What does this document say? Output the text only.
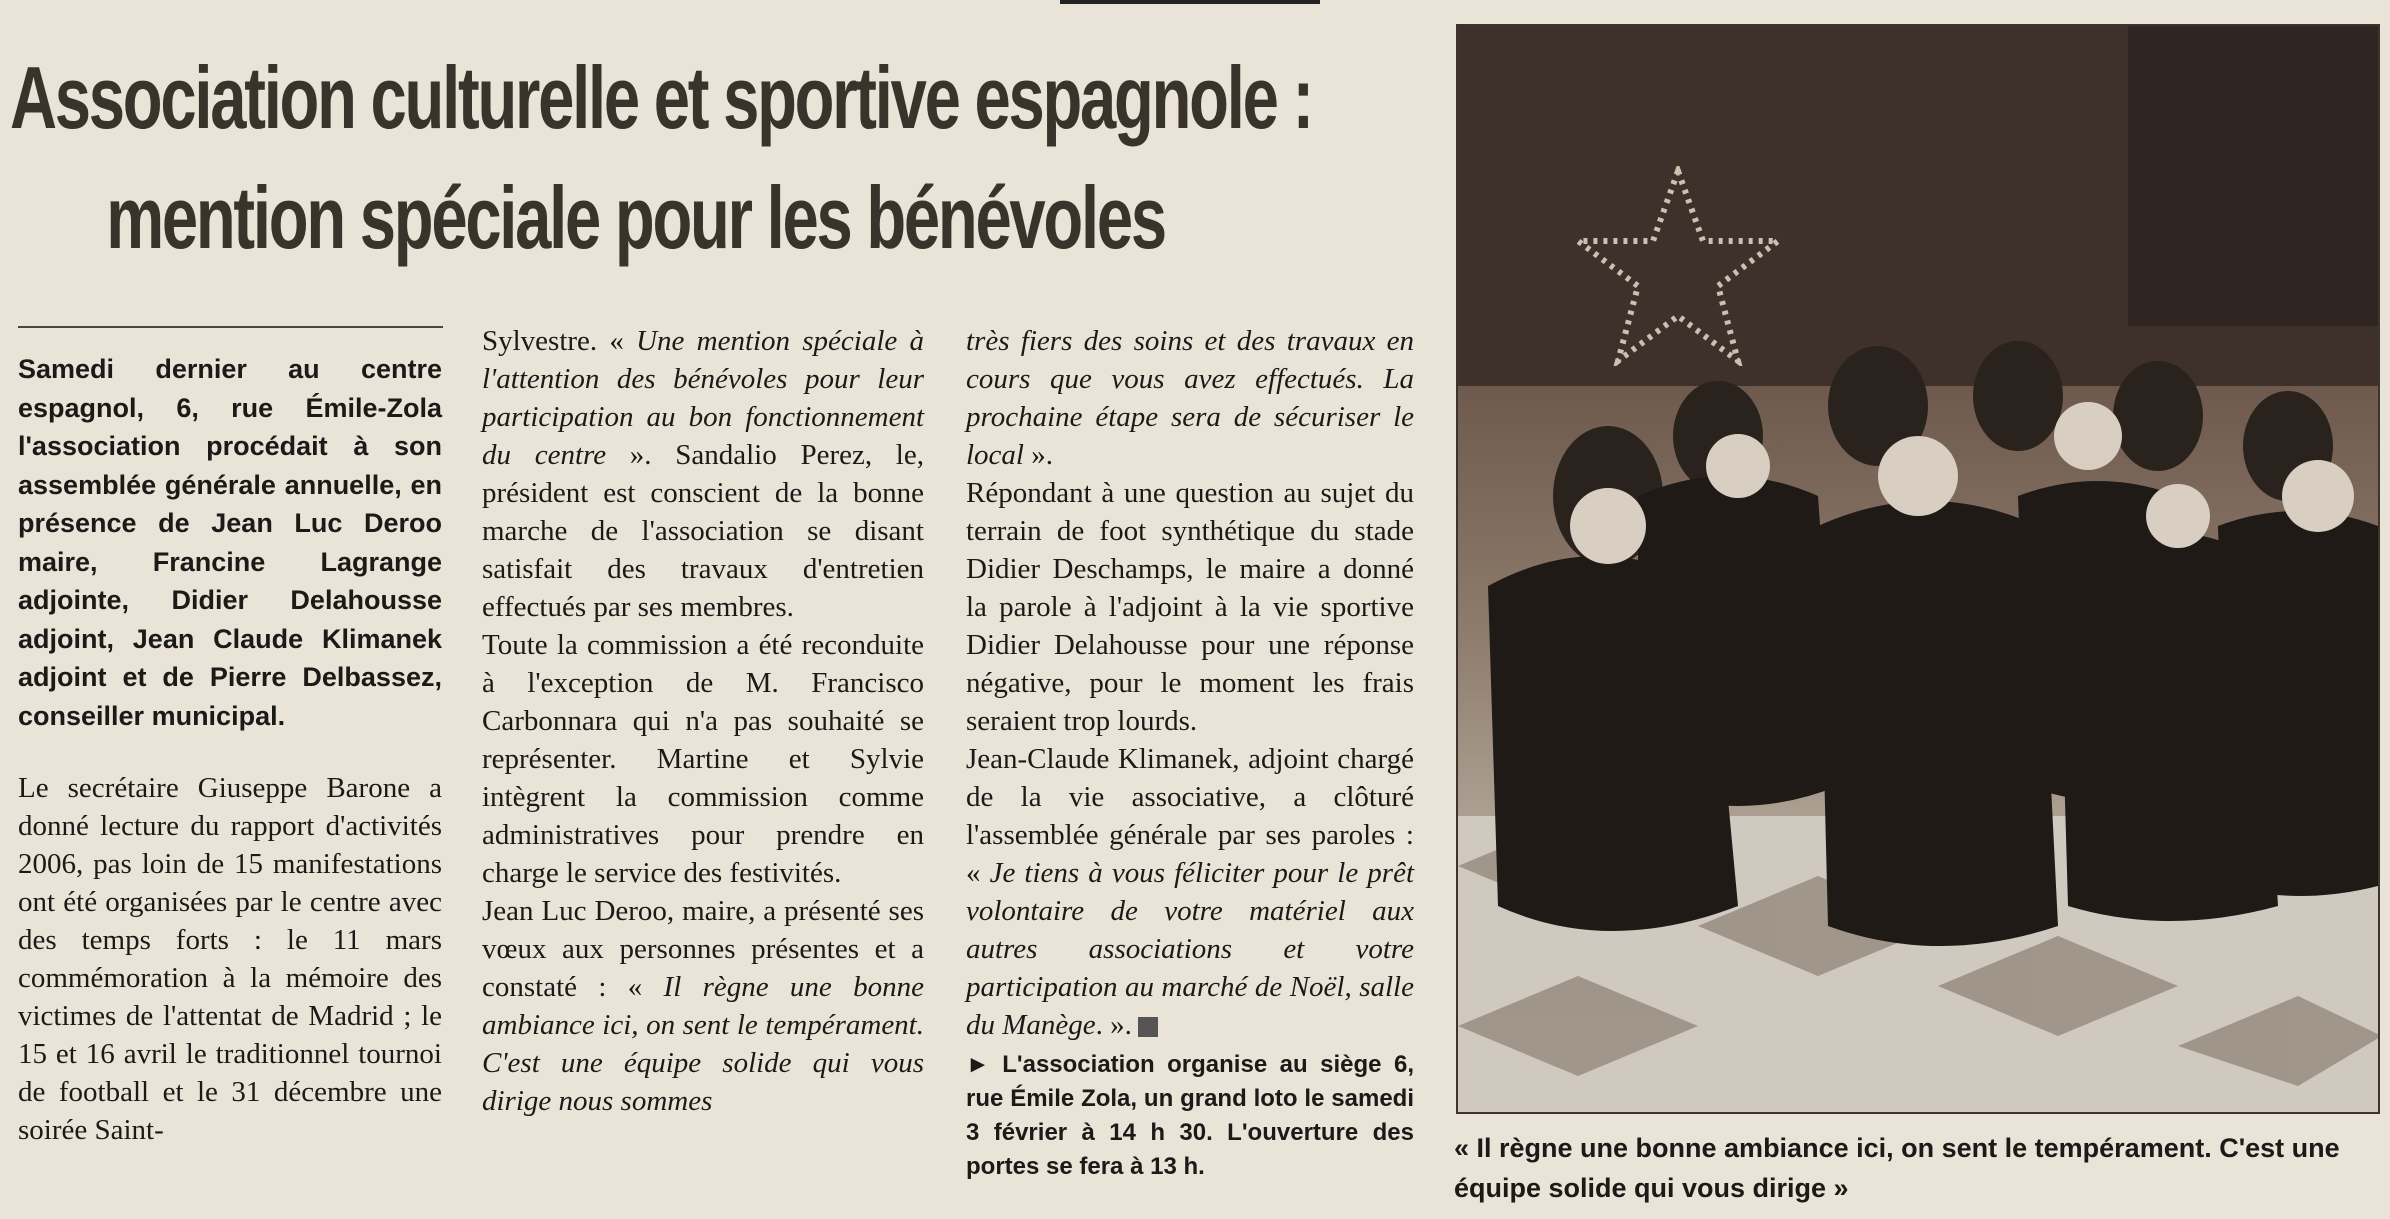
Association culturelle et sportive espagnole :
mention spéciale pour les bénévoles

Samedi dernier au centre espagnol, 6, rue Émile-Zola l'association procédait à son assemblée générale annuelle, en présence de Jean Luc Deroo maire, Francine Lagrange adjointe, Didier Delahousse adjoint, Jean Claude Klimanek adjoint et de Pierre Delbassez, conseiller municipal.

Le secrétaire Giuseppe Barone a donné lecture du rapport d'activités 2006, pas loin de 15 manifestations ont été organisées par le centre avec des temps forts : le 11 mars commémoration à la mémoire des victimes de l'attentat de Madrid ; le 15 et 16 avril le traditionnel tournoi de football et le 31 décembre une soirée Saint-

Sylvestre. « Une mention spéciale à l'attention des bénévoles pour leur participation au bon fonctionnement du centre ». Sandalio Perez, le, président est conscient de la bonne marche de l'association se disant satisfait des travaux d'entretien effectués par ses membres.

Toute la commission a été reconduite à l'exception de M. Francisco Carbonnara qui n'a pas souhaité se représenter. Martine et Sylvie intègrent la commission comme administratives pour prendre en charge le service des festivités.

Jean Luc Deroo, maire, a présenté ses vœux aux personnes présentes et a constaté : « Il règne une bonne ambiance ici, on sent le tempérament. C'est une équipe solide qui vous dirige nous sommes

très fiers des soins et des travaux en cours que vous avez effectués. La prochaine étape sera de sécuriser le local ».

Répondant à une question au sujet du terrain de foot synthétique du stade Didier Deschamps, le maire a donné la parole à l'adjoint à la vie sportive Didier Delahousse pour une réponse négative, pour le moment les frais seraient trop lourds.

Jean-Claude Klimanek, adjoint chargé de la vie associative, a clôturé l'assemblée générale par ses paroles : « Je tiens à vous féliciter pour le prêt volontaire de votre matériel aux autres associations et votre participation au marché de Noël, salle du Manège. ».

► L'association organise au siège 6, rue Émile Zola, un grand loto le samedi 3 février à 14 h 30. L'ouverture des portes se fera à 13 h.

« Il règne une bonne ambiance ici, on sent le tempérament. C'est une équipe solide qui vous dirige »
